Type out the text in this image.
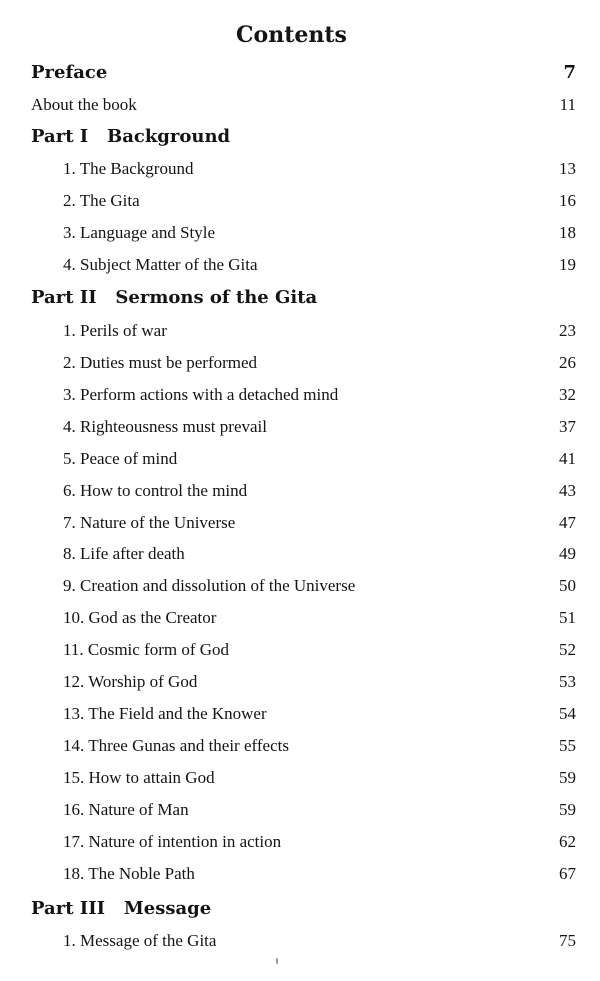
Contents
Preface	7
About the book	11
Part I   Background
1. The Background	13
2. The Gita	16
3. Language and Style	18
4. Subject Matter of the Gita	19
Part II   Sermons of the Gita
1. Perils of war	23
2. Duties must be performed	26
3. Perform actions with a detached mind	32
4. Righteousness must prevail	37
5. Peace of mind	41
6. How to control the mind	43
7. Nature of the Universe	47
8. Life after death	49
9. Creation and dissolution of the Universe	50
10. God as the Creator	51
11. Cosmic form of God	52
12. Worship of God	53
13. The Field and the Knower	54
14. Three Gunas and their effects	55
15. How to attain God	59
16. Nature of Man	59
17. Nature of intention in action	62
18. The Noble Path	67
Part III   Message
1. Message of the Gita	75
